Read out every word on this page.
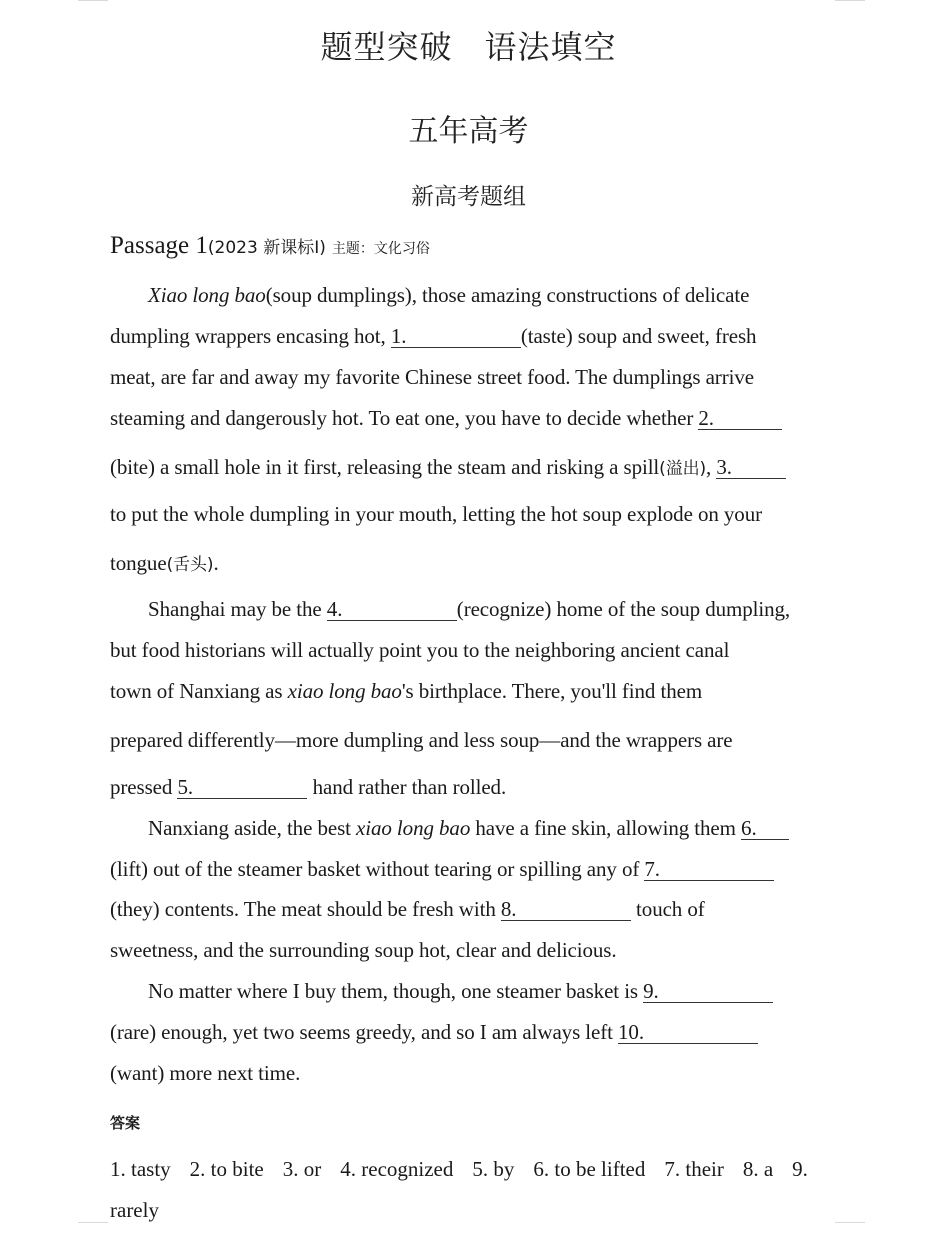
题型突破 语法填空
五年高考
新高考题组
Passage 1(2023 新课标Ⅰ) 主题：文化习俗
Xiao long bao(soup dumplings), those amazing constructions of delicate
dumpling wrappers encasing hot, 1.	(taste) soup and sweet, fresh
meat, are far and away my favorite Chinese street food. The dumplings arrive
steaming and dangerously hot. To eat one, you have to decide whether 2.
(bite) a small hole in it first, releasing the steam and risking a spill(溢出), 3.
to put the whole dumpling in your mouth, letting the hot soup explode on your
tongue(舌头).
Shanghai may be the 4.	(recognize) home of the soup dumpling,
but food historians will actually point you to the neighboring ancient canal
town of Nanxiang as xiao long bao's birthplace. There, you'll find them
prepared differently—more dumpling and less soup—and the wrappers are
pressed 5.	hand rather than rolled.
Nanxiang aside, the best xiao long bao have a fine skin, allowing them 6.
(lift) out of the steamer basket without tearing or spilling any of 7.
(they) contents. The meat should be fresh with 8.	touch of
sweetness, and the surrounding soup hot, clear and delicious.
No matter where I buy them, though, one steamer basket is 9.
(rare) enough, yet two seems greedy, and so I am always left 10.
(want) more next time.
答案
1. tasty 2. to bite 3. or 4. recognized 5. by 6. to be lifted 7. their 8. a 9.
rarely
